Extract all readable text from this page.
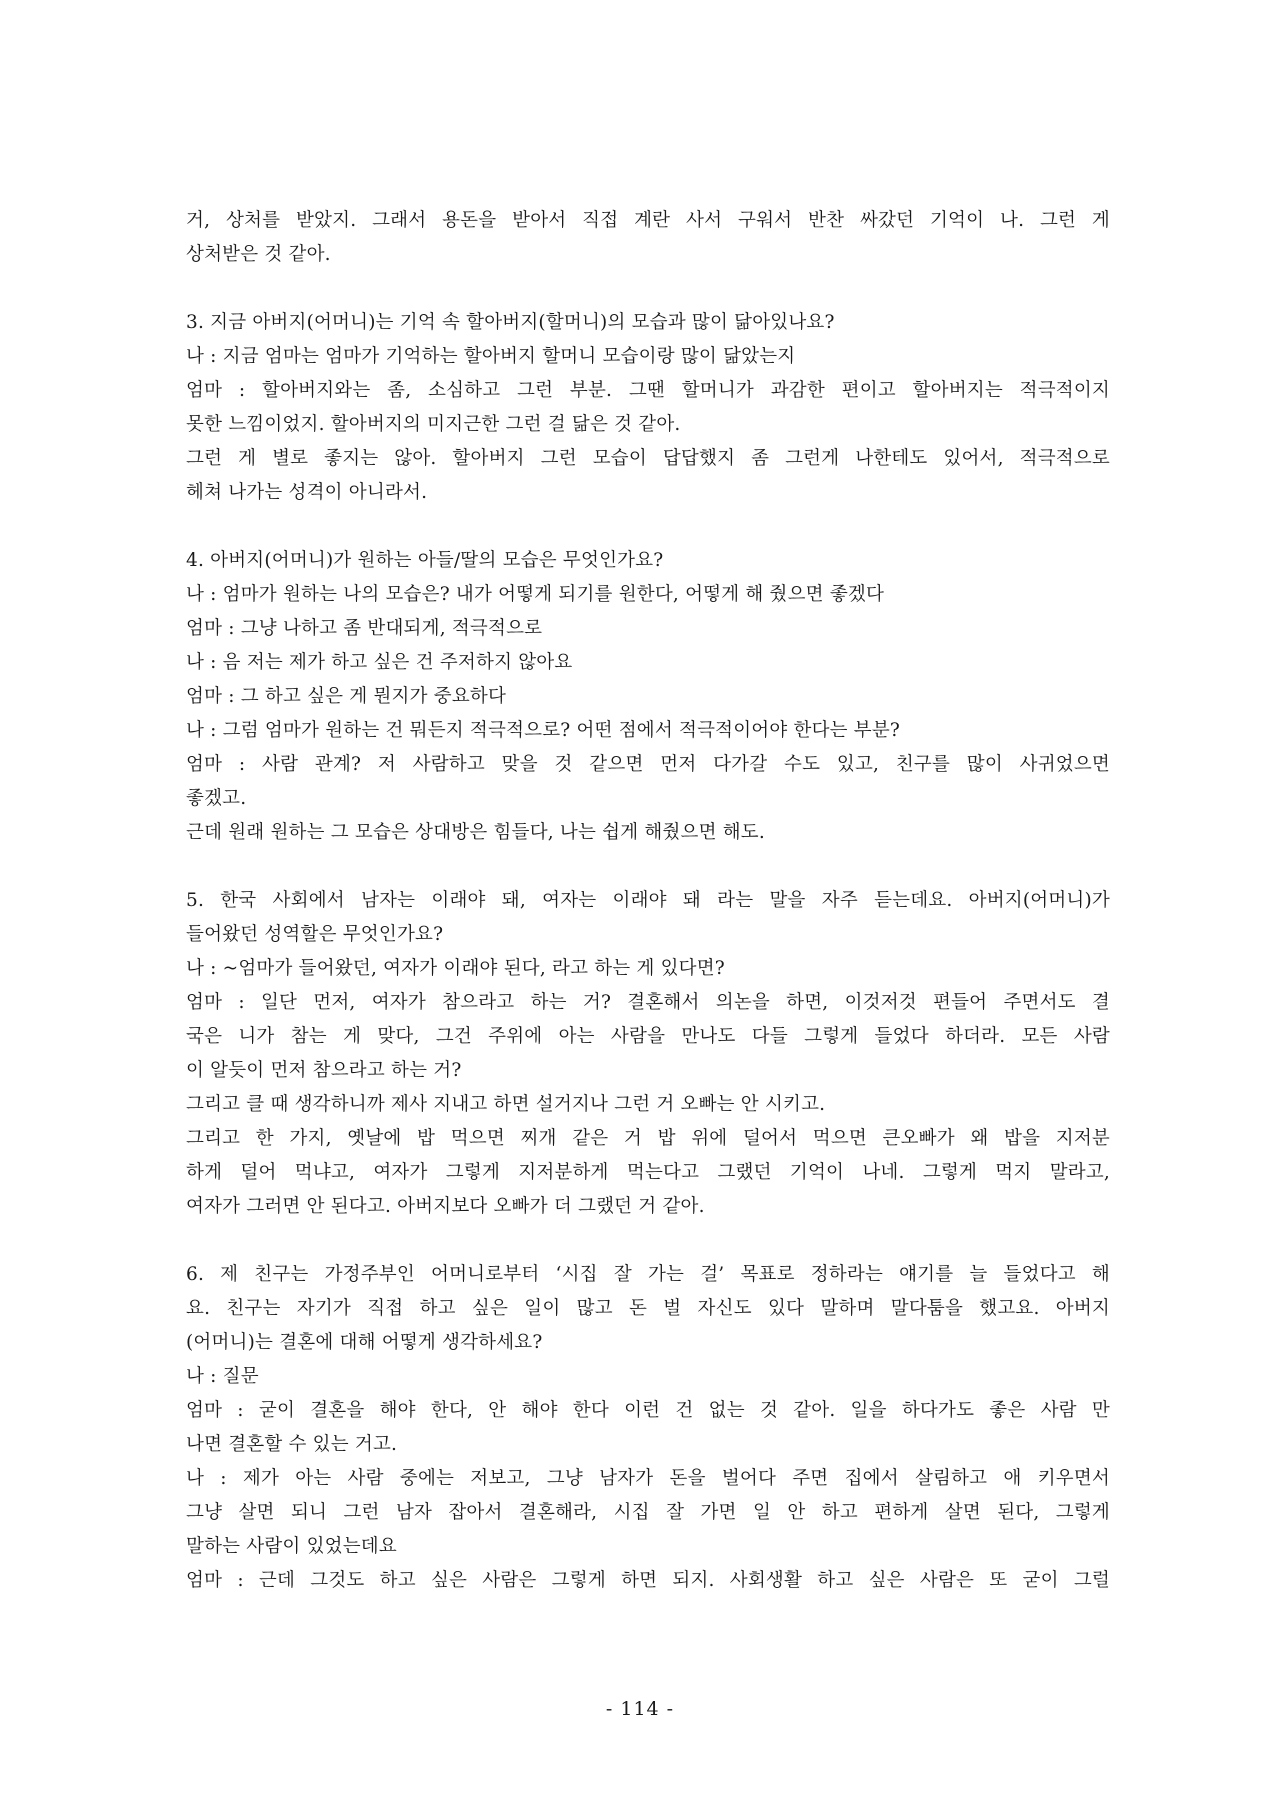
거, 상처를 받았지. 그래서 용돈을 받아서 직접 계란 사서 구워서 반찬 싸갔던 기억이 나. 그런 게
상처받은 것 같아.
3. 지금 아버지(어머니)는 기억 속 할아버지(할머니)의 모습과 많이 닮아있나요?
나 : 지금 엄마는 엄마가 기억하는 할아버지 할머니 모습이랑 많이 닮았는지
엄마 : 할아버지와는 좀, 소심하고 그런 부분. 그땐 할머니가 과감한 편이고 할아버지는 적극적이지
못한 느낌이었지. 할아버지의 미지근한 그런 걸 닮은 것 같아.
그런 게 별로 좋지는 않아. 할아버지 그런 모습이 답답했지 좀 그런게 나한테도 있어서, 적극적으로
헤쳐 나가는 성격이 아니라서.
4. 아버지(어머니)가 원하는 아들/딸의 모습은 무엇인가요?
나 : 엄마가 원하는 나의 모습은? 내가 어떻게 되기를 원한다, 어떻게 해 줬으면 좋겠다
엄마 : 그냥 나하고 좀 반대되게, 적극적으로
나 : 음 저는 제가 하고 싶은 건 주저하지 않아요
엄마 : 그 하고 싶은 게 뭔지가 중요하다
나 : 그럼 엄마가 원하는 건 뭐든지 적극적으로? 어떤 점에서 적극적이어야 한다는 부분?
엄마 : 사람 관계? 저 사람하고 맞을 것 같으면 먼저 다가갈 수도 있고, 친구를 많이 사귀었으면
좋겠고.
근데 원래 원하는 그 모습은 상대방은 힘들다, 나는 쉽게 해줬으면 해도.
5. 한국 사회에서 남자는 이래야 돼, 여자는 이래야 돼 라는 말을 자주 듣는데요. 아버지(어머니)가
들어왔던 성역할은 무엇인가요?
나 : ~엄마가 들어왔던, 여자가 이래야 된다, 라고 하는 게 있다면?
엄마 : 일단 먼저, 여자가 참으라고 하는 거? 결혼해서 의논을 하면, 이것저것 편들어 주면서도 결
국은 니가 참는 게 맞다, 그건 주위에 아는 사람을 만나도 다들 그렇게 들었다 하더라. 모든 사람
이 알듯이 먼저 참으라고 하는 거?
그리고 클 때 생각하니까 제사 지내고 하면 설거지나 그런 거 오빠는 안 시키고.
그리고 한 가지, 옛날에 밥 먹으면 찌개 같은 거 밥 위에 덜어서 먹으면 큰오빠가 왜 밥을 지저분
하게 덜어 먹냐고, 여자가 그렇게 지저분하게 먹는다고 그랬던 기억이 나네. 그렇게 먹지 말라고,
여자가 그러면 안 된다고. 아버지보다 오빠가 더 그랬던 거 같아.
6. 제 친구는 가정주부인 어머니로부터 ‘시집 잘 가는 걸’ 목표로 정하라는 얘기를 늘 들었다고 해
요. 친구는 자기가 직접 하고 싶은 일이 많고 돈 벌 자신도 있다 말하며 말다툼을 했고요. 아버지
(어머니)는 결혼에 대해 어떻게 생각하세요?
나 : 질문
엄마 : 굳이 결혼을 해야 한다, 안 해야 한다 이런 건 없는 것 같아. 일을 하다가도 좋은 사람 만
나면 결혼할 수 있는 거고.
나 : 제가 아는 사람 중에는 저보고, 그냥 남자가 돈을 벌어다 주면 집에서 살림하고 애 키우면서
그냥 살면 되니 그런 남자 잡아서 결혼해라, 시집 잘 가면 일 안 하고 편하게 살면 된다, 그렇게
말하는 사람이 있었는데요
엄마 : 근데 그것도 하고 싶은 사람은 그렇게 하면 되지. 사회생활 하고 싶은 사람은 또 굳이 그럴
- 114 -
